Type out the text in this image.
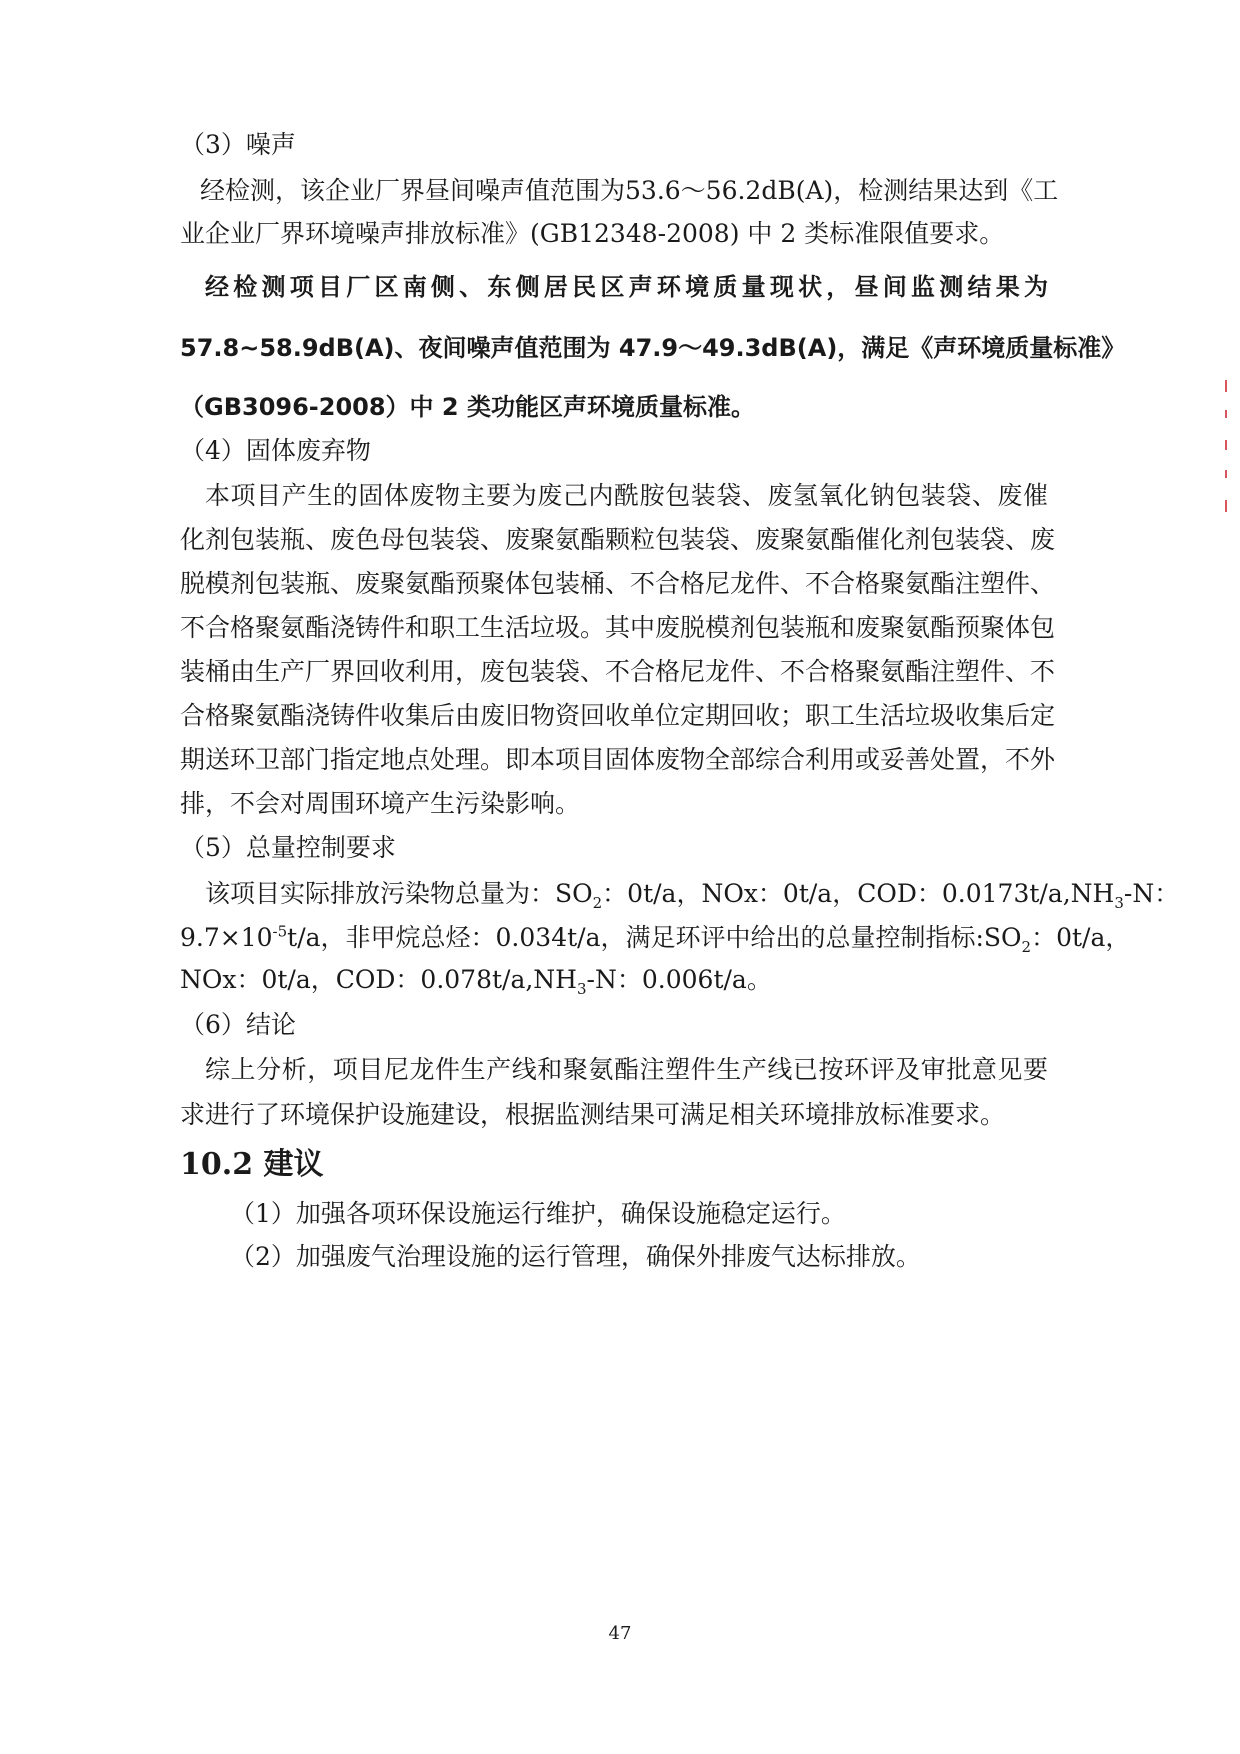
（3）噪声
经检测，该企业厂界昼间噪声值范围为53.6～56.2dB(A)，检测结果达到《工
业企业厂界环境噪声排放标准》(GB12348-2008) 中 2 类标准限值要求。
经检测项目厂区南侧、东侧居民区声环境质量现状，昼间监测结果为
57.8~58.9dB(A)、夜间噪声值范围为 47.9～49.3dB(A)，满足《声环境质量标准》
（GB3096-2008）中 2 类功能区声环境质量标准。
（4）固体废弃物
本项目产生的固体废物主要为废己内酰胺包装袋、废氢氧化钠包装袋、废催
化剂包装瓶、废色母包装袋、废聚氨酯颗粒包装袋、废聚氨酯催化剂包装袋、废
脱模剂包装瓶、废聚氨酯预聚体包装桶、不合格尼龙件、不合格聚氨酯注塑件、
不合格聚氨酯浇铸件和职工生活垃圾。其中废脱模剂包装瓶和废聚氨酯预聚体包
装桶由生产厂界回收利用，废包装袋、不合格尼龙件、不合格聚氨酯注塑件、不
合格聚氨酯浇铸件收集后由废旧物资回收单位定期回收；职工生活垃圾收集后定
期送环卫部门指定地点处理。即本项目固体废物全部综合利用或妥善处置，不外
排，不会对周围环境产生污染影响。
（5）总量控制要求
该项目实际排放污染物总量为：$SO_2$：0t/a，NOx：0t/a，COD：$0.0173t/a,NH_3-N$：
$9.7\times 10^{-5}t/a$，非甲烷总烃：0.034t/a，满足环评中给出的总量控制指标$:SO_2$：0t/a，
NOx：0t/a，COD：$0.078t/a,NH_3-N$：0.006t/a。
（6）结论
综上分析，项目尼龙件生产线和聚氨酯注塑件生产线已按环评及审批意见要
求进行了环境保护设施建设，根据监测结果可满足相关环境排放标准要求。
10.2 建议
（1）加强各项环保设施运行维护，确保设施稳定运行。
（2）加强废气治理设施的运行管理，确保外排废气达标排放。
47
